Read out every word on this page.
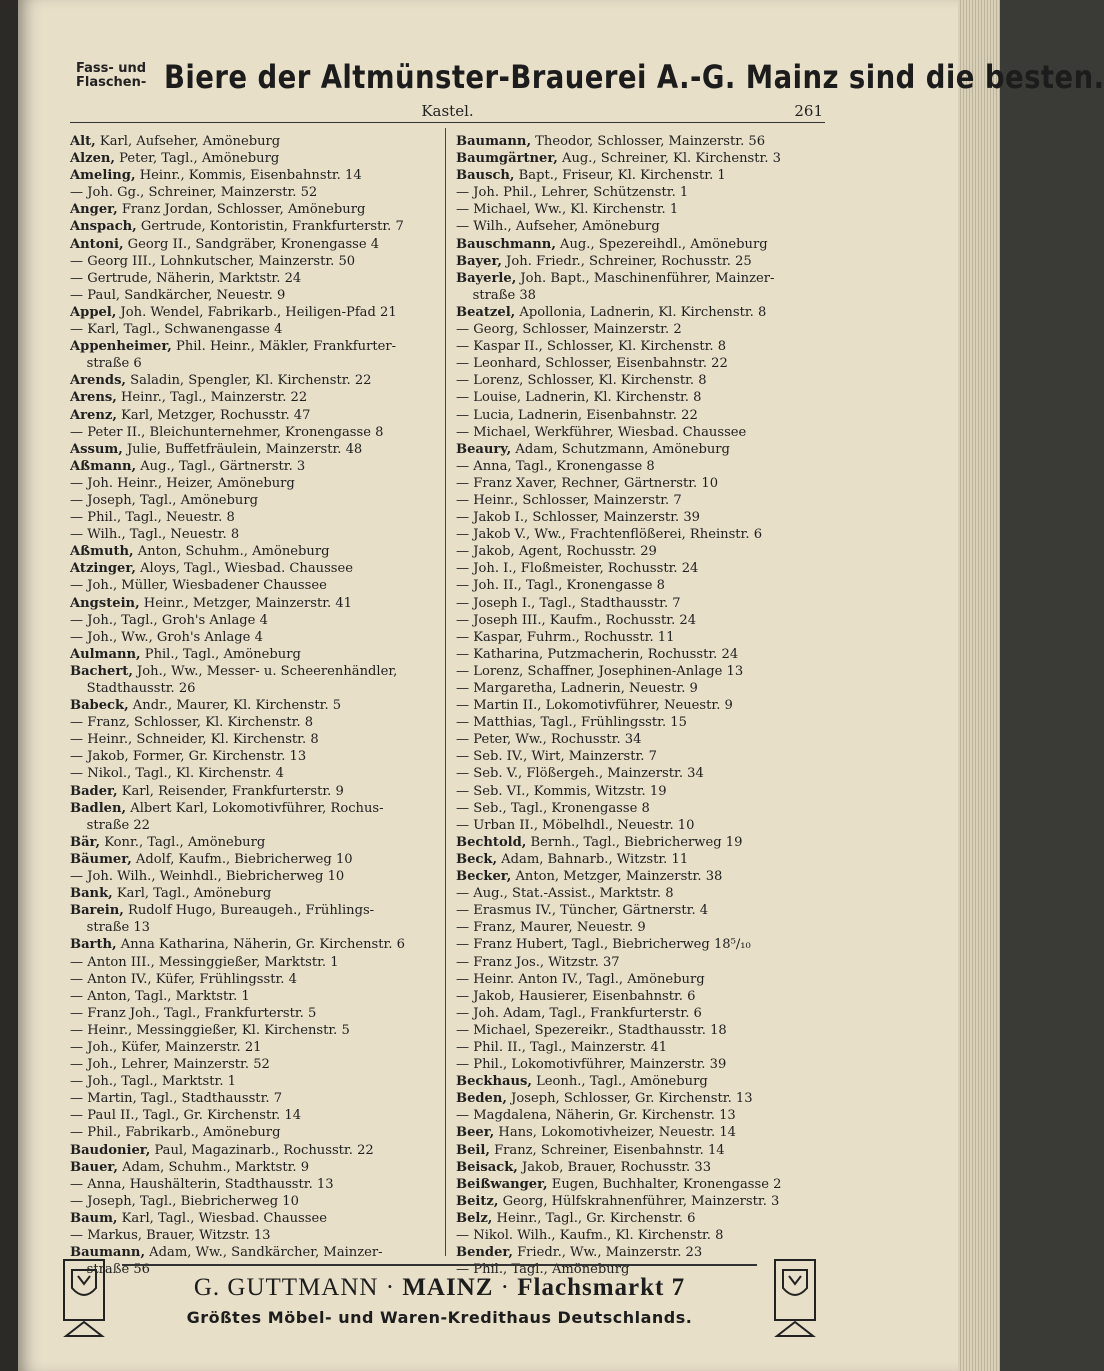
Fass- und
Flaschen- Biere der Altmünster-Brauerei A.-G. Mainz sind die besten.
Kastel.	261
Alt, Karl, Aufseher, Amöneburg
Alzen, Peter, Tagl., Amöneburg
Ameling, Heinr., Kommis, Eisenbahnstr. 14
— Joh. Gg., Schreiner, Mainzerstr. 52
Anger, Franz Jordan, Schlosser, Amöneburg
Anspach, Gertrude, Kontoristin, Frankfurterstr. 7
Antoni, Georg II., Sandgräber, Kronengasse 4
— Georg III., Lohnkutscher, Mainzerstr. 50
— Gertrude, Näherin, Marktstr. 24
— Paul, Sandkärcher, Neuestr. 9
Appel, Joh. Wendel, Fabrikarb., Heiligen-Pfad 21
— Karl, Tagl., Schwanengasse 4
Appenheimer, Phil. Heinr., Mäkler, Frankfurter-
straße 6
Arends, Saladin, Spengler, Kl. Kirchenstr. 22
Arens, Heinr., Tagl., Mainzerstr. 22
Arenz, Karl, Metzger, Rochusstr. 47
— Peter II., Bleichunternehmer, Kronengasse 8
Assum, Julie, Buffetfräulein, Mainzerstr. 48
Aßmann, Aug., Tagl., Gärtnerstr. 3
— Joh. Heinr., Heizer, Amöneburg
— Joseph, Tagl., Amöneburg
— Phil., Tagl., Neuestr. 8
— Wilh., Tagl., Neuestr. 8
Aßmuth, Anton, Schuhm., Amöneburg
Atzinger, Aloys, Tagl., Wiesbad. Chaussee
— Joh., Müller, Wiesbadener Chaussee
Angstein, Heinr., Metzger, Mainzerstr. 41
— Joh., Tagl., Groh's Anlage 4
— Joh., Ww., Groh's Anlage 4
Aulmann, Phil., Tagl., Amöneburg
Bachert, Joh., Ww., Messer- u. Scheerenhändler,
Stadthausstr. 26
Babeck, Andr., Maurer, Kl. Kirchenstr. 5
— Franz, Schlosser, Kl. Kirchenstr. 8
— Heinr., Schneider, Kl. Kirchenstr. 8
— Jakob, Former, Gr. Kirchenstr. 13
— Nikol., Tagl., Kl. Kirchenstr. 4
Bader, Karl, Reisender, Frankfurterstr. 9
Badlen, Albert Karl, Lokomotivführer, Rochus-
straße 22
Bär, Konr., Tagl., Amöneburg
Bäumer, Adolf, Kaufm., Biebricherweg 10
— Joh. Wilh., Weinhdl., Biebricherweg 10
Bank, Karl, Tagl., Amöneburg
Barein, Rudolf Hugo, Bureaugeh., Frühlings-
straße 13
Barth, Anna Katharina, Näherin, Gr. Kirchenstr. 6
— Anton III., Messinggießer, Marktstr. 1
— Anton IV., Küfer, Frühlingsstr. 4
— Anton, Tagl., Marktstr. 1
— Franz Joh., Tagl., Frankfurterstr. 5
— Heinr., Messinggießer, Kl. Kirchenstr. 5
— Joh., Küfer, Mainzerstr. 21
— Joh., Lehrer, Mainzerstr. 52
— Joh., Tagl., Marktstr. 1
— Martin, Tagl., Stadthausstr. 7
— Paul II., Tagl., Gr. Kirchenstr. 14
— Phil., Fabrikarb., Amöneburg
Baudonier, Paul, Magazinarb., Rochusstr. 22
Bauer, Adam, Schuhm., Marktstr. 9
— Anna, Haushälterin, Stadthausstr. 13
— Joseph, Tagl., Biebricherweg 10
Baum, Karl, Tagl., Wiesbad. Chaussee
— Markus, Brauer, Witzstr. 13
Baumann, Adam, Ww., Sandkärcher, Mainzer-
straße 56
Baumann, Theodor, Schlosser, Mainzerstr. 56
Baumgärtner, Aug., Schreiner, Kl. Kirchenstr. 3
Bausch, Bapt., Friseur, Kl. Kirchenstr. 1
— Joh. Phil., Lehrer, Schützenstr. 1
— Michael, Ww., Kl. Kirchenstr. 1
— Wilh., Aufseher, Amöneburg
Bauschmann, Aug., Spezereihdl., Amöneburg
Bayer, Joh. Friedr., Schreiner, Rochusstr. 25
Bayerle, Joh. Bapt., Maschinenführer, Mainzer-
straße 38
Beatzel, Apollonia, Ladnerin, Kl. Kirchenstr. 8
— Georg, Schlosser, Mainzerstr. 2
— Kaspar II., Schlosser, Kl. Kirchenstr. 8
— Leonhard, Schlosser, Eisenbahnstr. 22
— Lorenz, Schlosser, Kl. Kirchenstr. 8
— Louise, Ladnerin, Kl. Kirchenstr. 8
— Lucia, Ladnerin, Eisenbahnstr. 22
— Michael, Werkführer, Wiesbad. Chaussee
Beaury, Adam, Schutzmann, Amöneburg
— Anna, Tagl., Kronengasse 8
— Franz Xaver, Rechner, Gärtnerstr. 10
— Heinr., Schlosser, Mainzerstr. 7
— Jakob I., Schlosser, Mainzerstr. 39
— Jakob V., Ww., Frachtenflößerei, Rheinstr. 6
— Jakob, Agent, Rochusstr. 29
— Joh. I., Floßmeister, Rochusstr. 24
— Joh. II., Tagl., Kronengasse 8
— Joseph I., Tagl., Stadthausstr. 7
— Joseph III., Kaufm., Rochusstr. 24
— Kaspar, Fuhrm., Rochusstr. 11
— Katharina, Putzmacherin, Rochusstr. 24
— Lorenz, Schaffner, Josephinen-Anlage 13
— Margaretha, Ladnerin, Neuestr. 9
— Martin II., Lokomotivführer, Neuestr. 9
— Matthias, Tagl., Frühlingsstr. 15
— Peter, Ww., Rochusstr. 34
— Seb. IV., Wirt, Mainzerstr. 7
— Seb. V., Flößergeh., Mainzerstr. 34
— Seb. VI., Kommis, Witzstr. 19
— Seb., Tagl., Kronengasse 8
— Urban II., Möbelhdl., Neuestr. 10
Bechtold, Bernh., Tagl., Biebricherweg 19
Beck, Adam, Bahnarb., Witzstr. 11
Becker, Anton, Metzger, Mainzerstr. 38
— Aug., Stat.-Assist., Marktstr. 8
— Erasmus IV., Tüncher, Gärtnerstr. 4
— Franz, Maurer, Neuestr. 9
— Franz Hubert, Tagl., Biebricherweg 18⁵/₁₀
— Franz Jos., Witzstr. 37
— Heinr. Anton IV., Tagl., Amöneburg
— Jakob, Hausierer, Eisenbahnstr. 6
— Joh. Adam, Tagl., Frankfurterstr. 6
— Michael, Spezereikr., Stadthausstr. 18
— Phil. II., Tagl., Mainzerstr. 41
— Phil., Lokomotivführer, Mainzerstr. 39
Beckhaus, Leonh., Tagl., Amöneburg
Beden, Joseph, Schlosser, Gr. Kirchenstr. 13
— Magdalena, Näherin, Gr. Kirchenstr. 13
Beer, Hans, Lokomotivheizer, Neuestr. 14
Beil, Franz, Schreiner, Eisenbahnstr. 14
Beisack, Jakob, Brauer, Rochusstr. 33
Beißwanger, Eugen, Buchhalter, Kronengasse 2
Beitz, Georg, Hülfskrahnenführer, Mainzerstr. 3
Belz, Heinr., Tagl., Gr. Kirchenstr. 6
— Nikol. Wilh., Kaufm., Kl. Kirchenstr. 8
Bender, Friedr., Ww., Mainzerstr. 23
— Phil., Tagl., Amöneburg
G. GUTTMANN · MAINZ · Flachsmarkt 7
Größtes Möbel- und Waren-Kredithaus Deutschlands.
